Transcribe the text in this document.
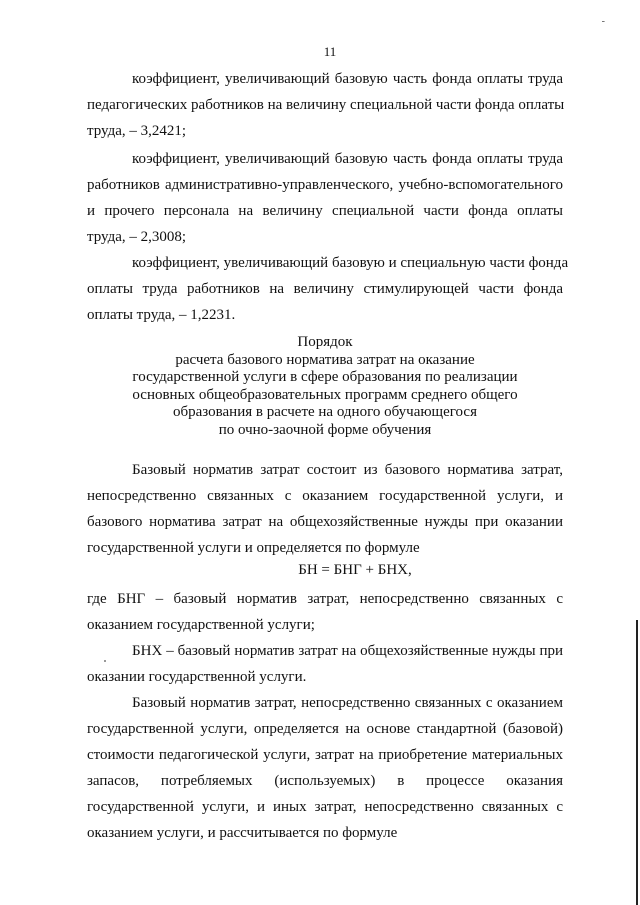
-
11
коэффициент, увеличивающий базовую часть фонда оплаты труда
педагогических работников на величину специальной части фонда оплаты
труда, – 3,2421;
коэффициент, увеличивающий базовую часть фонда оплаты труда
работников административно-управленческого, учебно-вспомогательного
и прочего персонала на величину специальной части фонда оплаты
труда, – 2,3008;
коэффициент, увеличивающий базовую и специальную части фонда
оплаты труда работников на величину стимулирующей части фонда
оплаты труда, – 1,2231.
Порядок
расчета базового норматива затрат на оказание
государственной услуги в сфере образования по реализации
основных общеобразовательных программ среднего общего
образования в расчете на одного обучающегося
по очно-заочной форме обучения
Базовый норматив затрат состоит из базового норматива затрат,
непосредственно связанных с оказанием государственной услуги, и
базового норматива затрат на общехозяйственные нужды при оказании
государственной услуги и определяется по формуле
БН = БНГ + БНХ,
где БНГ – базовый норматив затрат, непосредственно связанных с
оказанием государственной услуги;
БНХ – базовый норматив затрат на общехозяйственные нужды при
оказании государственной услуги.
Базовый норматив затрат, непосредственно связанных с оказанием
государственной услуги, определяется на основе стандартной (базовой)
стоимости педагогической услуги, затрат на приобретение материальных
запасов, потребляемых (используемых) в процессе оказания
государственной услуги, и иных затрат, непосредственно связанных с
оказанием услуги, и рассчитывается по формуле
